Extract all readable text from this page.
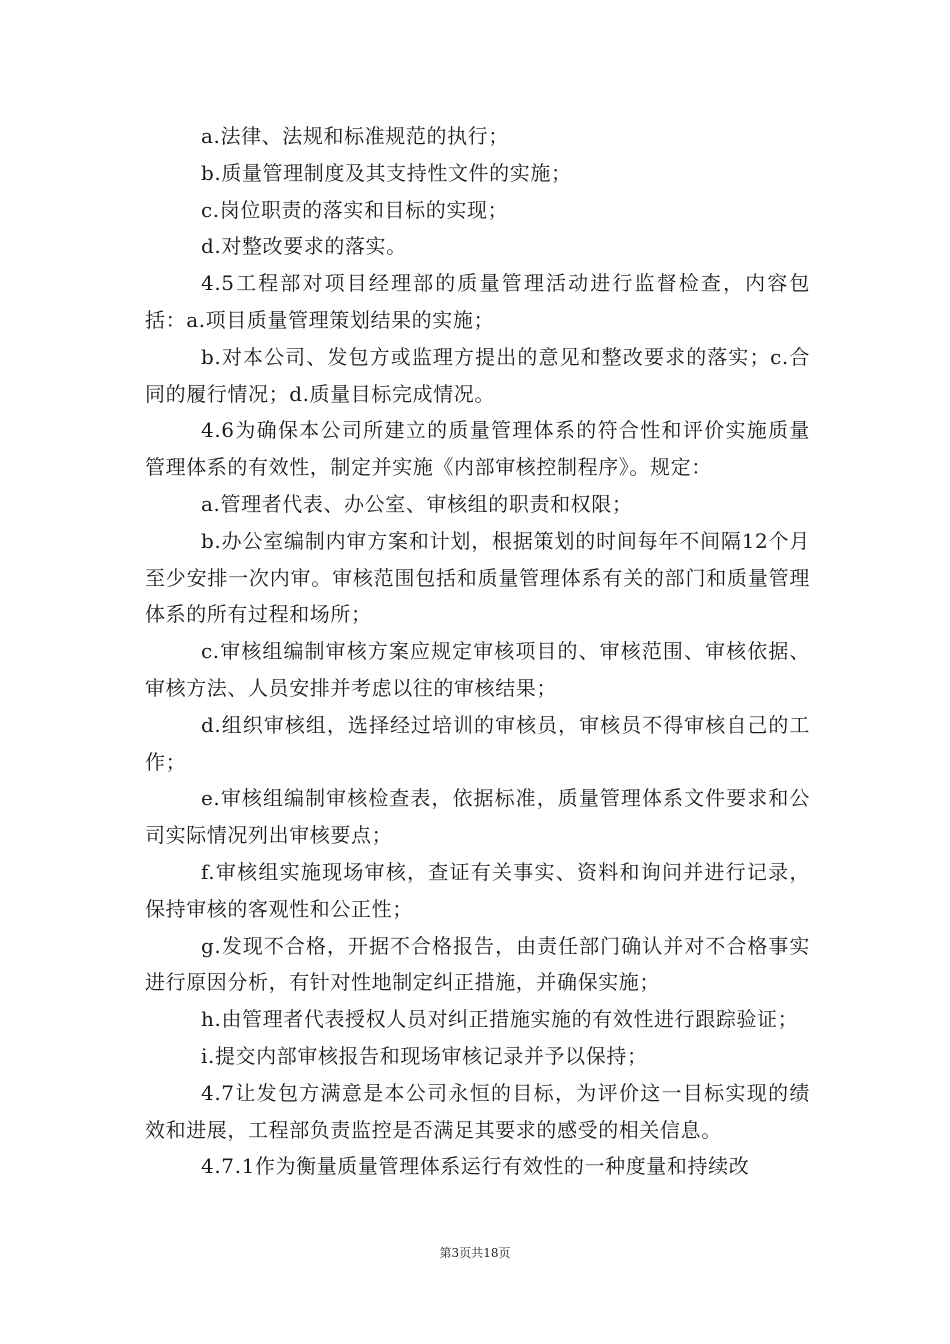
a.法律、法规和标准规范的执行；

b.质量管理制度及其支持性文件的实施；

c.岗位职责的落实和目标的实现；

d.对整改要求的落实。

4.5工程部对项目经理部的质量管理活动进行监督检查，内容包括：a.项目质量管理策划结果的实施；

b.对本公司、发包方或监理方提出的意见和整改要求的落实；c.合同的履行情况；d.质量目标完成情况。

4.6为确保本公司所建立的质量管理体系的符合性和评价实施质量管理体系的有效性，制定并实施《内部审核控制程序》。规定：

a.管理者代表、办公室、审核组的职责和权限；

b.办公室编制内审方案和计划，根据策划的时间每年不间隔12个月至少安排一次内审。审核范围包括和质量管理体系有关的部门和质量管理体系的所有过程和场所；

c.审核组编制审核方案应规定审核项目的、审核范围、审核依据、审核方法、人员安排并考虑以往的审核结果；

d.组织审核组，选择经过培训的审核员，审核员不得审核自己的工作；

e.审核组编制审核检查表，依据标准，质量管理体系文件要求和公司实际情况列出审核要点；

f.审核组实施现场审核，查证有关事实、资料和询问并进行记录，保持审核的客观性和公正性；

g.发现不合格，开据不合格报告，由责任部门确认并对不合格事实进行原因分析，有针对性地制定纠正措施，并确保实施；

h.由管理者代表授权人员对纠正措施实施的有效性进行跟踪验证；

i.提交内部审核报告和现场审核记录并予以保持；

4.7让发包方满意是本公司永恒的目标，为评价这一目标实现的绩效和进展，工程部负责监控是否满足其要求的感受的相关信息。

4.7.1作为衡量质量管理体系运行有效性的一种度量和持续改

第3页共18页
